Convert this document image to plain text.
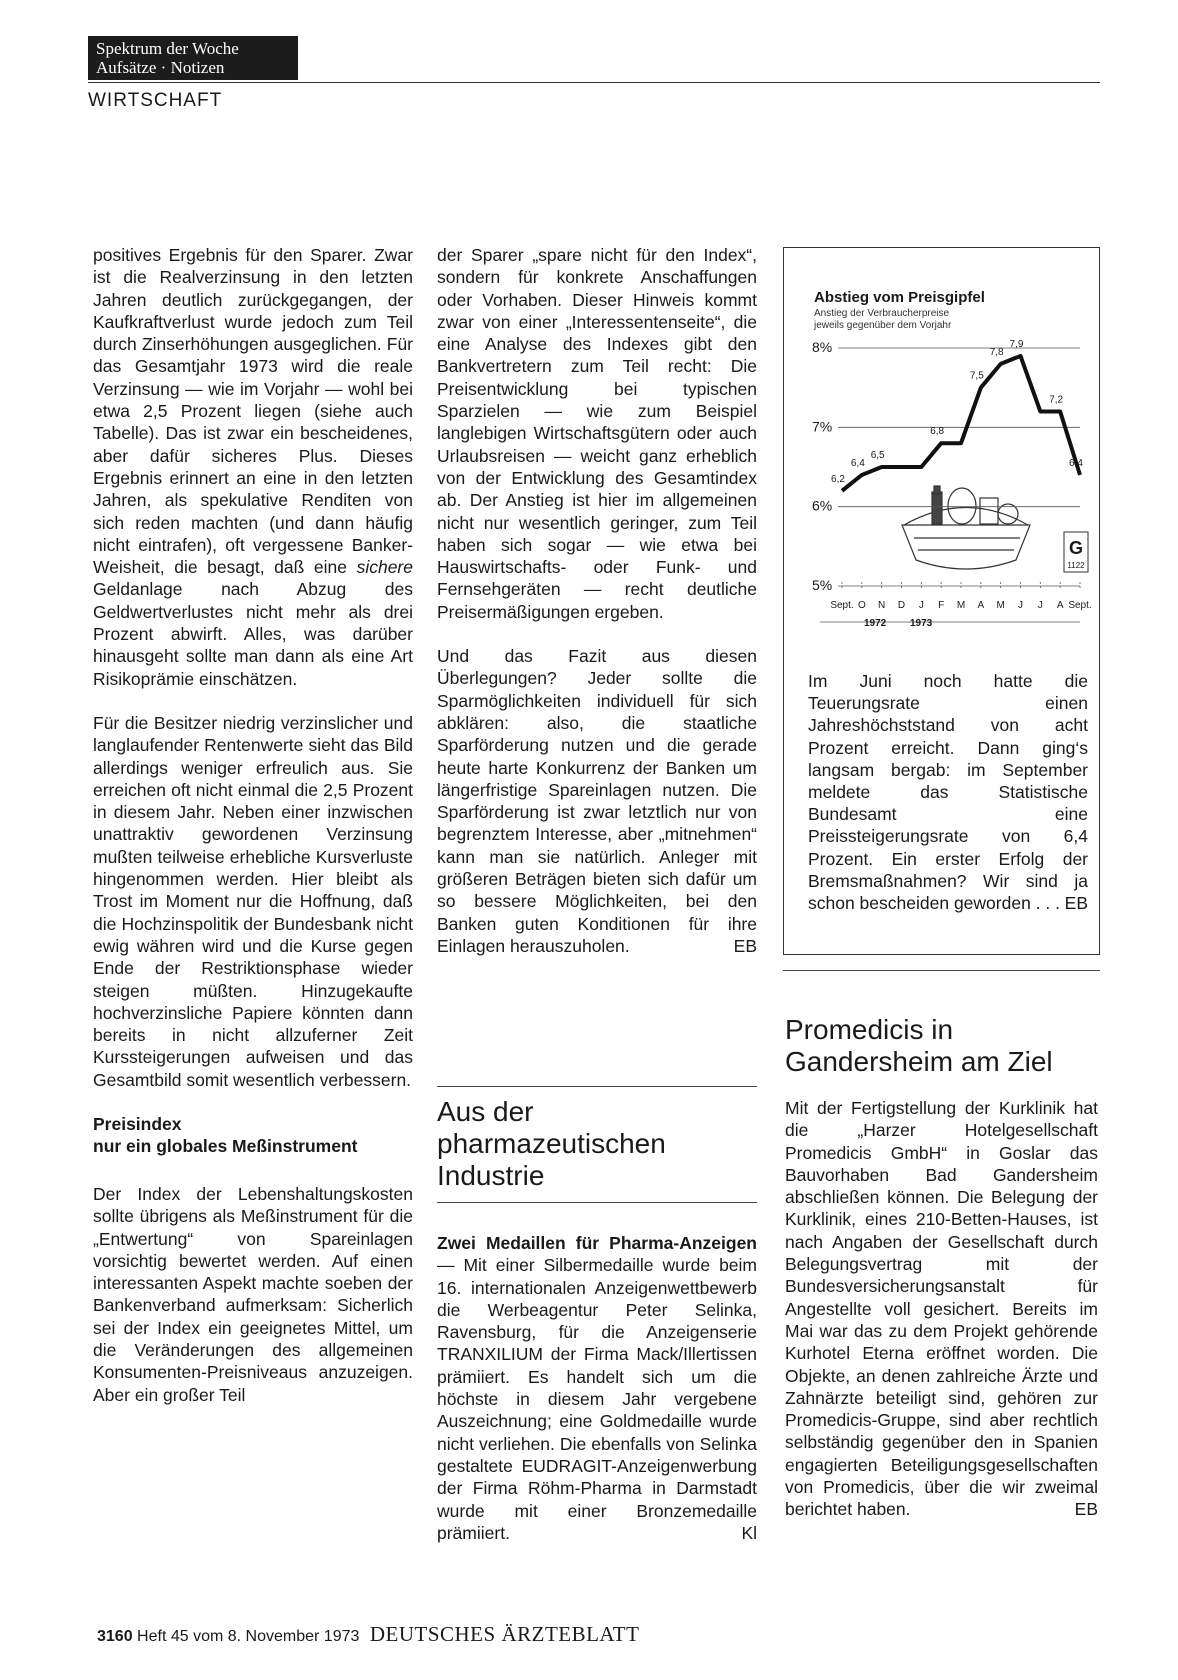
Spektrum der Woche
Aufsätze · Notizen
WIRTSCHAFT

positives Ergebnis für den Sparer. Zwar ist die Realverzinsung in den letzten Jahren deutlich zurückgegangen, der Kaufkraftverlust wurde jedoch zum Teil durch Zinserhöhungen ausgeglichen. Für das Gesamtjahr 1973 wird die reale Verzinsung — wie im Vorjahr — wohl bei etwa 2,5 Prozent liegen (siehe auch Tabelle). Das ist zwar ein bescheidenes, aber dafür sicheres Plus. Dieses Ergebnis erinnert an eine in den letzten Jahren, als spekulative Renditen von sich reden machten (und dann häufig nicht eintrafen), oft vergessene Banker-Weisheit, die besagt, daß eine sichere Geldanlage nach Abzug des Geldwertverlustes nicht mehr als drei Prozent abwirft. Alles, was darüber hinausgeht sollte man dann als eine Art Risikoprämie einschätzen.

Für die Besitzer niedrig verzinslicher und langlaufender Rentenwerte sieht das Bild allerdings weniger erfreulich aus. Sie erreichen oft nicht einmal die 2,5 Prozent in diesem Jahr. Neben einer inzwischen unattraktiv gewordenen Verzinsung mußten teilweise erhebliche Kursverluste hingenommen werden. Hier bleibt als Trost im Moment nur die Hoffnung, daß die Hochzinspolitik der Bundesbank nicht ewig währen wird und die Kurse gegen Ende der Restriktionsphase wieder steigen müßten. Hinzugekaufte hochverzinsliche Papiere könnten dann bereits in nicht allzuferner Zeit Kurssteigerungen aufweisen und das Gesamtbild somit wesentlich verbessern.

Preisindex
nur ein globales Meßinstrument

Der Index der Lebenshaltungskosten sollte übrigens als Meßinstrument für die „Entwertung“ von Spareinlagen vorsichtig bewertet werden. Auf einen interessanten Aspekt machte soeben der Bankenverband aufmerksam: Sicherlich sei der Index ein geeignetes Mittel, um die Veränderungen des allgemeinen Konsumenten-Preisniveaus anzuzeigen. Aber ein großer Teil

der Sparer „spare nicht für den Index“, sondern für konkrete Anschaffungen oder Vorhaben. Dieser Hinweis kommt zwar von einer „Interessentenseite“, die eine Analyse des Indexes gibt den Bankvertretern zum Teil recht: Die Preisentwicklung bei typischen Sparzielen — wie zum Beispiel langlebigen Wirtschaftsgütern oder auch Urlaubsreisen — weicht ganz erheblich von der Entwicklung des Gesamtindex ab. Der Anstieg ist hier im allgemeinen nicht nur wesentlich geringer, zum Teil haben sich sogar — wie etwa bei Hauswirtschafts- oder Funk- und Fernsehgeräten — recht deutliche Preisermäßigungen ergeben.

Und das Fazit aus diesen Überlegungen? Jeder sollte die Sparmöglichkeiten individuell für sich abklären: also, die staatliche Sparförderung nutzen und die gerade heute harte Konkurrenz der Banken um längerfristige Spareinlagen nutzen. Die Sparförderung ist zwar letztlich nur von begrenztem Interesse, aber „mitnehmen“ kann man sie natürlich. Anleger mit größeren Beträgen bieten sich dafür um so bessere Möglichkeiten, bei den Banken guten Konditionen für ihre Einlagen herauszuholen.	EB

Aus der pharmazeutischen Industrie

Zwei Medaillen für Pharma-Anzeigen — Mit einer Silbermedaille wurde beim 16. internationalen Anzeigenwettbewerb die Werbeagentur Peter Selinka, Ravensburg, für die Anzeigenserie TRANXILIUM der Firma Mack/Illertissen prämiiert. Es handelt sich um die höchste in diesem Jahr vergebene Auszeichnung; eine Goldmedaille wurde nicht verliehen. Die ebenfalls von Selinka gestaltete EUDRAGIT-Anzeigenwerbung der Firma Röhm-Pharma in Darmstadt wurde mit einer Bronzemedaille prämiiert.	Kl

Abstieg vom Preisgipfel
Anstieg der Verbraucherpreise
jeweils gegenüber dem Vorjahr
G
1122
8%
7%
6%
5%
Sept. O N D J F M A M J J A Sept.
1972 1973
6,2
6,4
6,5
6,8
7,5
7,8
7,9
7,2
6,4

Im Juni noch hatte die Teuerungsrate einen Jahreshöchststand von acht Prozent erreicht. Dann ging‘s langsam bergab: im September meldete das Statistische Bundesamt eine Preissteigerungsrate von 6,4 Prozent. Ein erster Erfolg der Bremsmaßnahmen? Wir sind ja schon bescheiden geworden . . . EB

Promedicis in Gandersheim am Ziel

Mit der Fertigstellung der Kurklinik hat die „Harzer Hotelgesellschaft Promedicis GmbH“ in Goslar das Bauvorhaben Bad Gandersheim abschließen können. Die Belegung der Kurklinik, eines 210-Betten-Hauses, ist nach Angaben der Gesellschaft durch Belegungsvertrag mit der Bundesversicherungsanstalt für Angestellte voll gesichert. Bereits im Mai war das zu dem Projekt gehörende Kurhotel Eterna eröffnet worden. Die Objekte, an denen zahlreiche Ärzte und Zahnärzte beteiligt sind, gehören zur Promedicis-Gruppe, sind aber rechtlich selbständig gegenüber den in Spanien engagierten Beteiligungsgesellschaften von Promedicis, über die wir zweimal berichtet haben.	EB

3160 Heft 45 vom 8. November 1973 DEUTSCHES ÄRZTEBLATT
